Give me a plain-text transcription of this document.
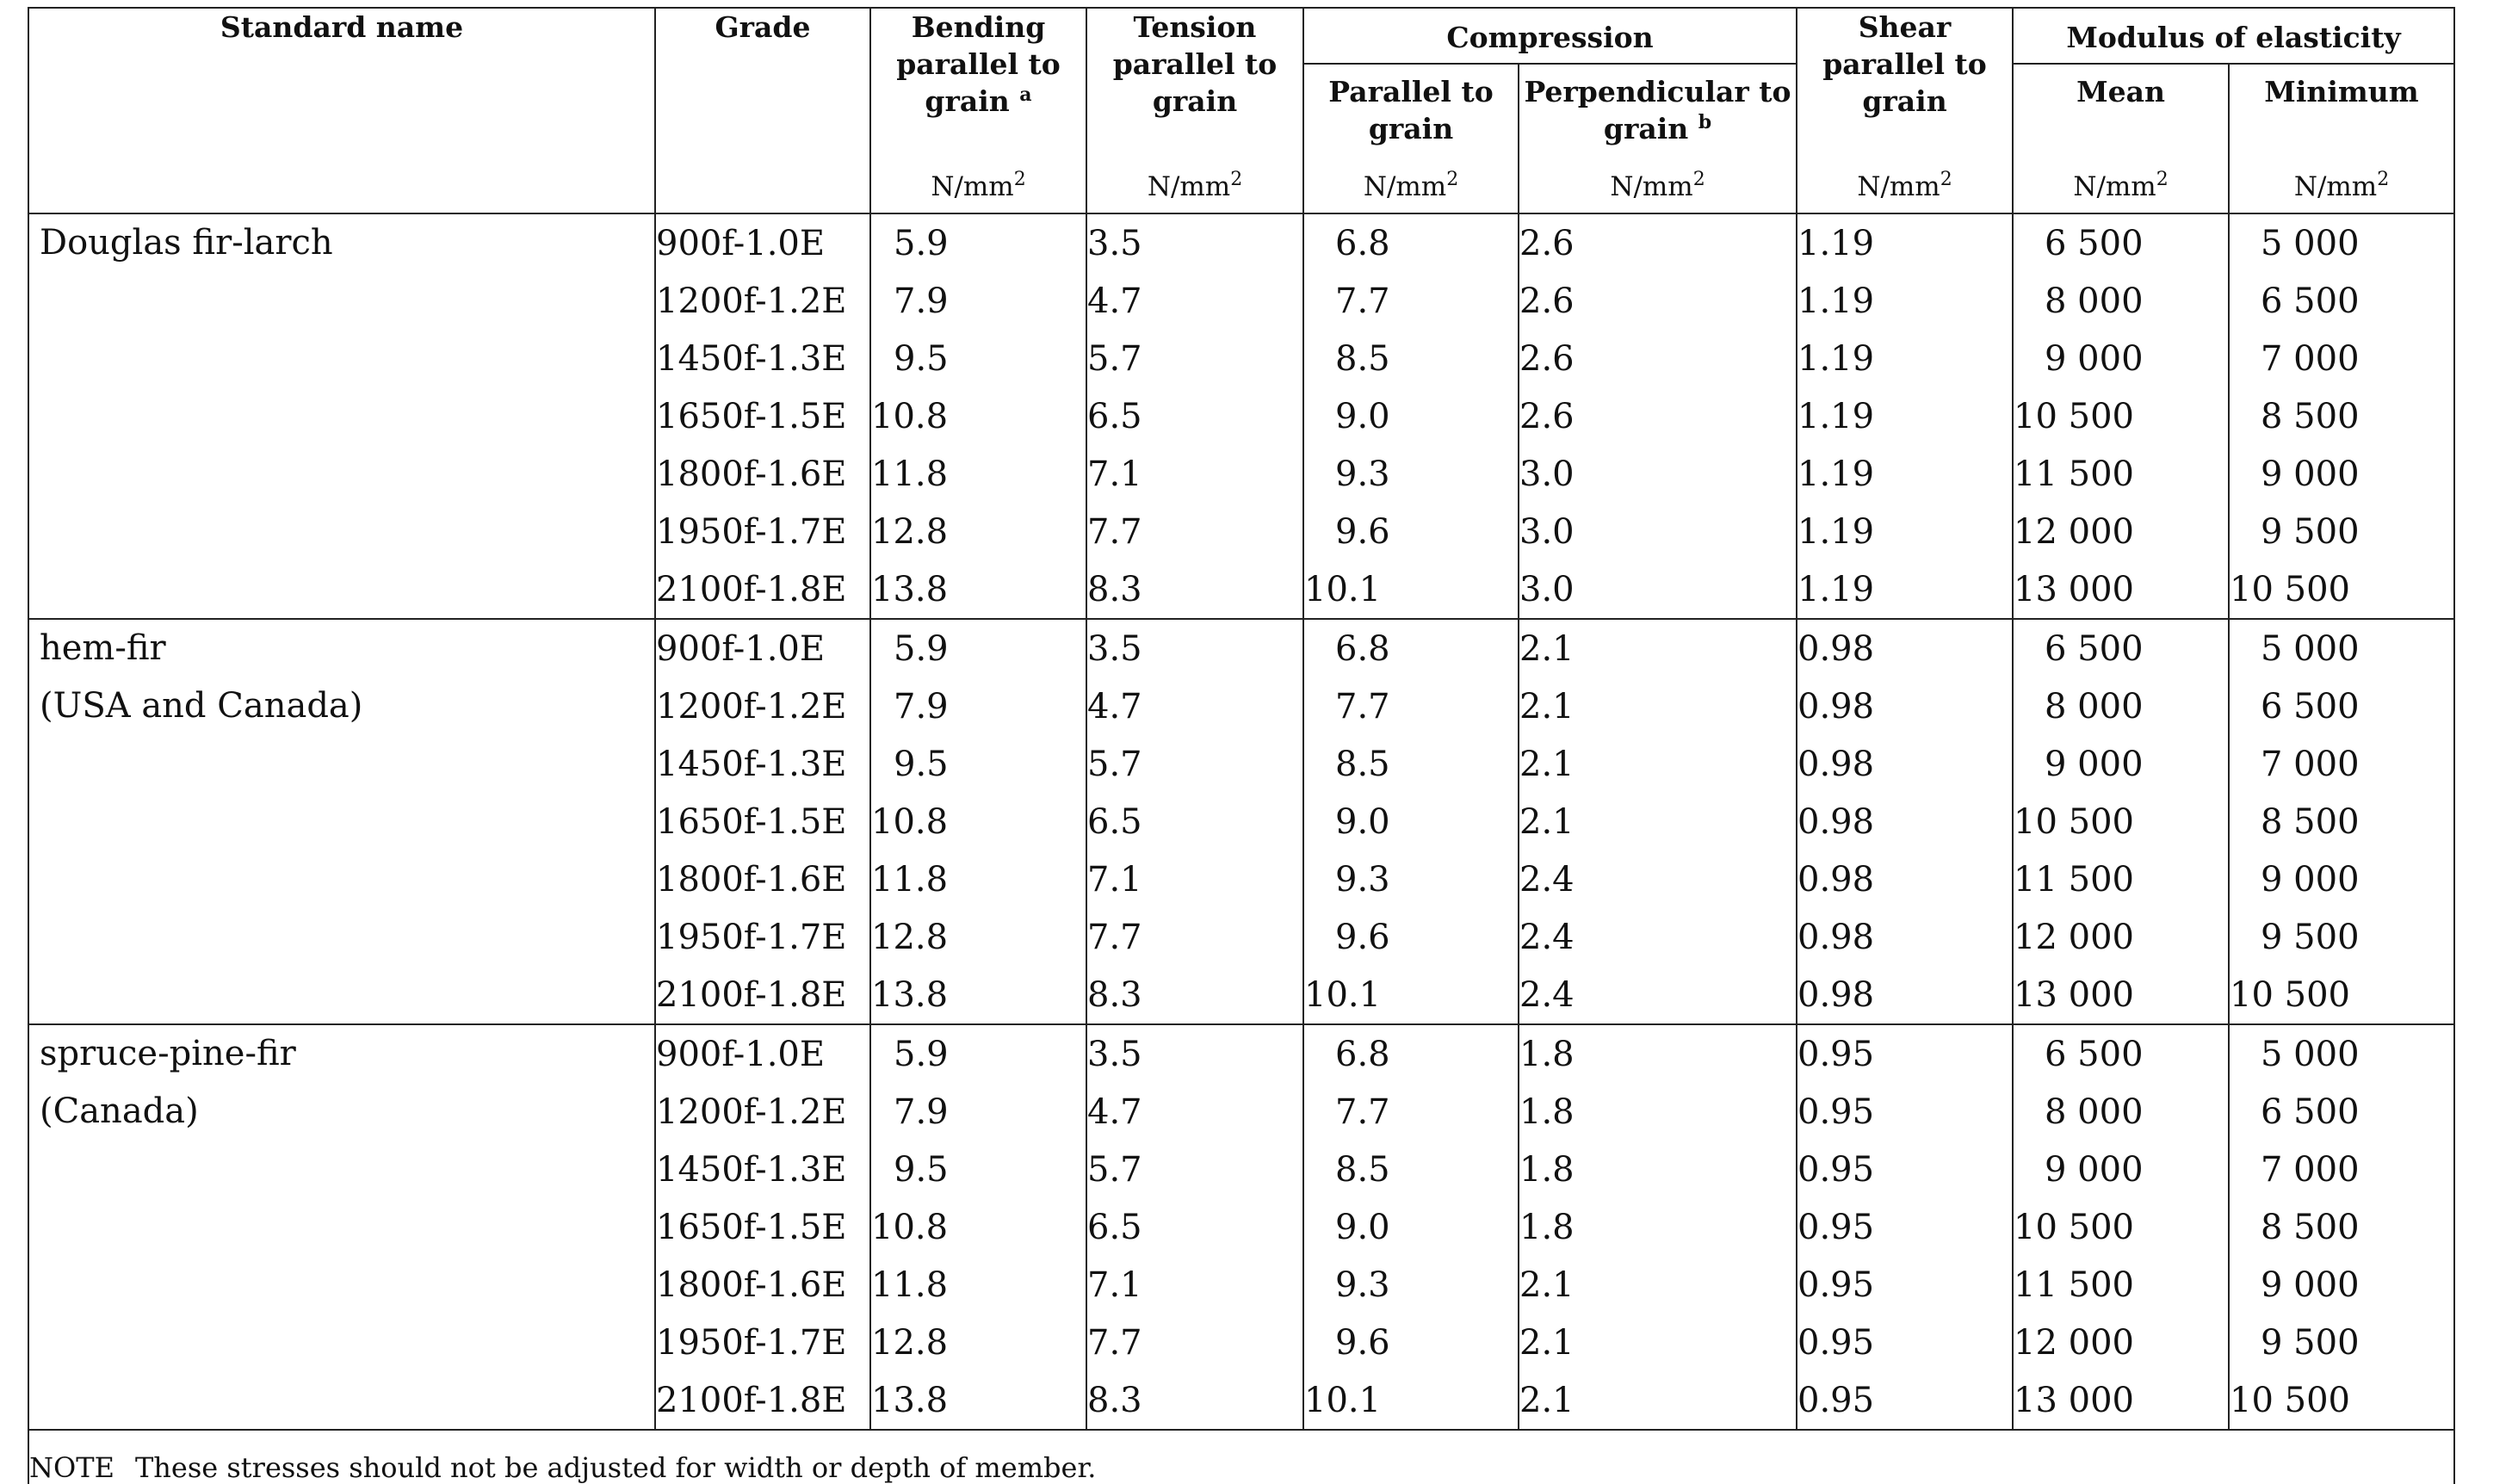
Standard name	Grade	Bending parallel to grain $^a$	Tension parallel to grain	Compression		Shear parallel to grain	Modulus of elasticity	
				Parallel to grain	Perpendicular to grain $^b$		Mean	Minimum
		$N/mm^2$	$N/mm^2$	$N/mm^2$	$N/mm^2$	$N/mm^2$	$N/mm^2$	$N/mm^2$

Douglas fir-larch	900f-1.0E	5.9	3.5	6.8	2.6	1.19	6 500	5 000
	1200f-1.2E	7.9	4.7	7.7	2.6	1.19	8 000	6 500
	1450f-1.3E	9.5	5.7	8.5	2.6	1.19	9 000	7 000
	1650f-1.5E	10.8	6.5	9.0	2.6	1.19	10 500	8 500
	1800f-1.6E	11.8	7.1	9.3	3.0	1.19	11 500	9 000
	1950f-1.7E	12.8	7.7	9.6	3.0	1.19	12 000	9 500
	2100f-1.8E	13.8	8.3	10.1	3.0	1.19	13 000	10 500

hem-fir
(USA and Canada)	900f-1.0E	5.9	3.5	6.8	2.1	0.98	6 500	5 000
	1200f-1.2E	7.9	4.7	7.7	2.1	0.98	8 000	6 500
	1450f-1.3E	9.5	5.7	8.5	2.1	0.98	9 000	7 000
	1650f-1.5E	10.8	6.5	9.0	2.1	0.98	10 500	8 500
	1800f-1.6E	11.8	7.1	9.3	2.4	0.98	11 500	9 000
	1950f-1.7E	12.8	7.7	9.6	2.4	0.98	12 000	9 500
	2100f-1.8E	13.8	8.3	10.1	2.4	0.98	13 000	10 500

spruce-pine-fir
(Canada)	900f-1.0E	5.9	3.5	6.8	1.8	0.95	6 500	5 000
	1200f-1.2E	7.9	4.7	7.7	1.8	0.95	8 000	6 500
	1450f-1.3E	9.5	5.7	8.5	1.8	0.95	9 000	7 000
	1650f-1.5E	10.8	6.5	9.0	1.8	0.95	10 500	8 500
	1800f-1.6E	11.8	7.1	9.3	2.1	0.95	11 500	9 000
	1950f-1.7E	12.8	7.7	9.6	2.1	0.95	12 000	9 500
	2100f-1.8E	13.8	8.3	10.1	2.1	0.95	13 000	10 500
NOTE These stresses should not be adjusted for width or depth of member.								
